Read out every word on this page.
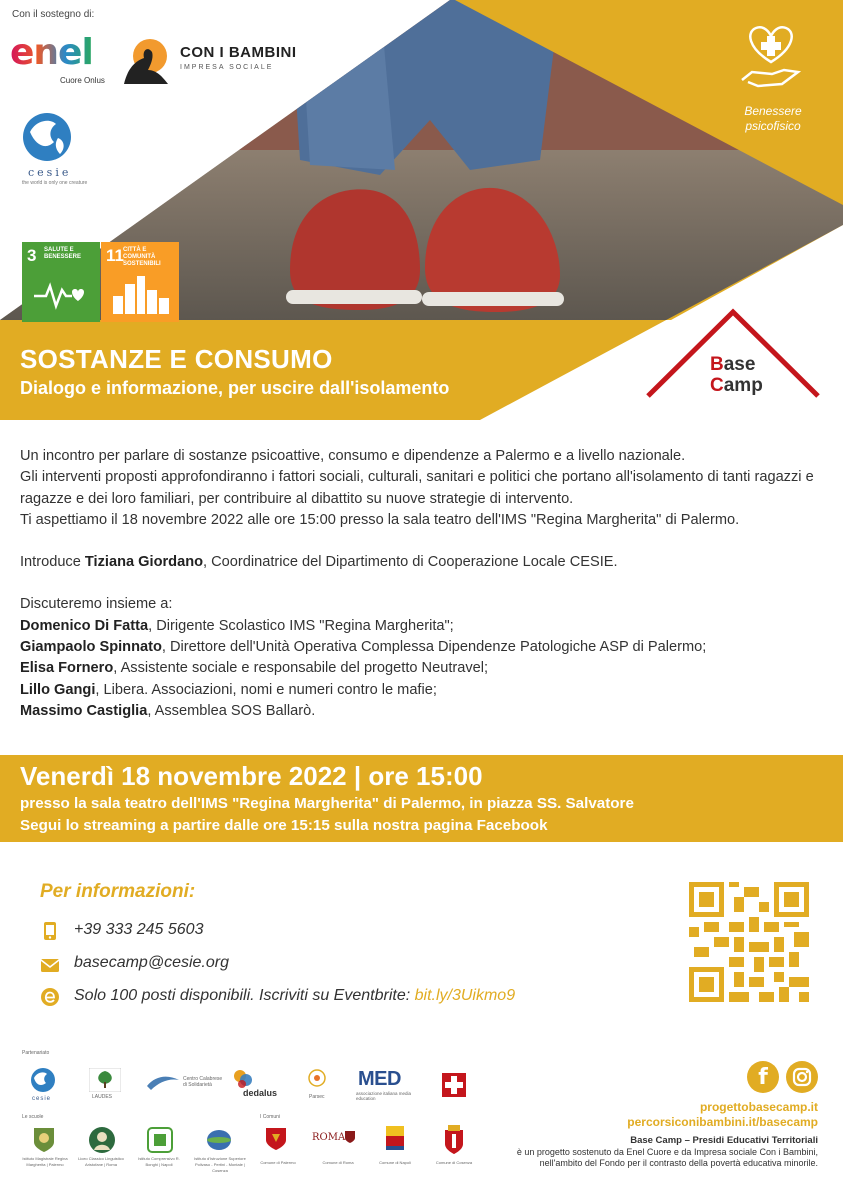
Con il sostegno di:
enel
Cuore Onlus
CON I BAMBINI
IMPRESA SOCIALE
cesie
the world is only one creature
3 SALUTE E BENESSERE	11 CITTÀ E COMUNITÀ SOSTENIBILI
Benessere
psicofisico
SOSTANZE E CONSUMO
Dialogo e informazione, per uscire dall'isolamento
Base
Camp

Un incontro per parlare di sostanze psicoattive, consumo e dipendenze a Palermo e a livello nazionale.

Gli interventi proposti approfondiranno i fattori sociali, culturali, sanitari e politici che portano all'isolamento di tanti ragazzi e ragazze e dei loro familiari, per contribuire al dibattito su nuove strategie di intervento.

Ti aspettiamo il 18 novembre 2022 alle ore 15:00 presso la sala teatro dell'IMS "Regina Margherita" di Palermo.

Introduce Tiziana Giordano, Coordinatrice del Dipartimento di Cooperazione Locale CESIE.

Discuteremo insieme a:

Domenico Di Fatta, Dirigente Scolastico IMS "Regina Margherita";

Giampaolo Spinnato, Direttore dell'Unità Operativa Complessa Dipendenze Patologiche ASP di Palermo;

Elisa Fornero, Assistente sociale e responsabile del progetto Neutravel;

Lillo Gangi, Libera. Associazioni, nomi e numeri contro le mafie;

Massimo Castiglia, Assemblea SOS Ballarò.

Venerdì 18 novembre 2022 | ore 15:00
presso la sala teatro dell'IMS "Regina Margherita" di Palermo, in piazza SS. Salvatore
Segui lo streaming a partire dalle ore 15:15 sulla nostra pagina Facebook
Per informazioni:
+39 333 245 5603
basecamp@cesie.org
Solo 100 posti disponibili. Iscriviti su Eventbrite: bit.ly/3Uikmo9
Partenariato
cesie	LAUDES
Centro Calabrese di Solidarietà
dedalus	Parsec
MED
associazione italiana media education
Le scuole	I Comuni
Istituto Magistrale Regina Margherita | Palermo
Liceo Classico Linguistico Aristofane | Roma
Istituto Comprensivo R. Bonghi | Napoli
Istituto d'Istruzione Superiore Polivaso - Pertini - Montale | Cosenza
Comune di Palermo
ROMA
Comune di Roma	Comune di Napoli	Comune di Cosenza
f
progettobasecamp.it
percorsiconibambini.it/basecamp
Base Camp – Presidi Educativi Territoriali
è un progetto sostenuto da Enel Cuore e da Impresa sociale Con i Bambini, nell'ambito del Fondo per il contrasto della povertà educativa minorile.
